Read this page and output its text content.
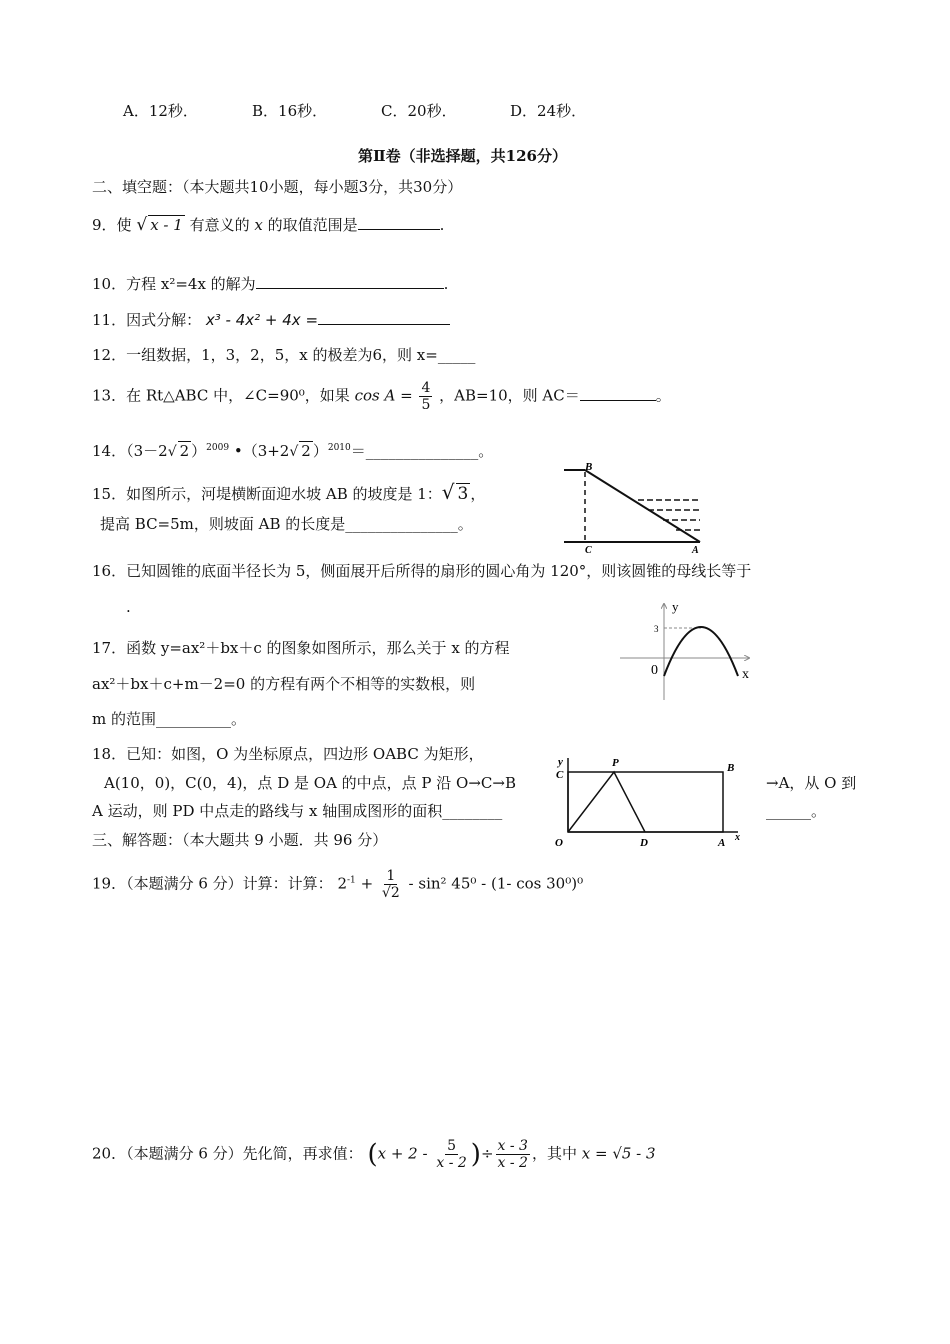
A．12秒．	B．16秒．	C．20秒．	D．24秒．
第Ⅱ卷（非选择题，共126分）
二、填空题：（本大题共10小题，每小题3分，共30分）
9．使 √ x - 1 有意义的 x 的取值范围是	.
10．方程 x²=4x 的解为	.
11．因式分解： x³ - 4x² + 4x =
12．一组数据，1，3，2，5，x 的极差为6，则 x=_____
13．在 Rt△ABC 中，∠C=90⁰，如果 $\cos A = \frac{4}{5}$ ，AB=10，则 AC＝	。
14．（3－2√ 2 ）$^{2009}$ •（3+2√ 2 ）$^{2010}$＝_______________。
15．如图所示，河堤横断面迎水坡 AB 的坡度是 1：√ 3 ，
提高 BC=5m，则坡面 AB 的长度是_______________。
B
C	A
16．已知圆锥的底面半径长为 5，侧面展开后所得的扇形的圆心角为 120°，则该圆锥的母线长等于
.
17．函数 y=ax²＋bx＋c 的图象如图所示，那么关于 x 的方程
ax²＋bx＋c+m－2=0 的方程有两个不相等的实数根，则
m 的范围__________。
y
x
0
3
18．已知：如图，O 为坐标原点，四边形 OABC 为矩形，
A(10，0)，C(0，4)，点 D 是 OA 的中点，点 P 沿 O→C→B	→A，从 O 到
A 运动，则 PD 中点走的路线与 x 轴围成图形的面积________	______。
y
C
P	B
O	D	A x
三、解答题：（本大题共 9 小题．共 96 分）
19．（本题满分 6 分）计算：计算： $2^{-1} + \frac{1}{√2} - \sin^2$ 45⁰ - (1- cos 30⁰)⁰
20．（本题满分 6 分）先化简，再求值： ($x + 2 - \frac{5}{x - 2}$ )÷ $\frac{x - 3}{x - 2}$ ，其中 x = √5 - 3
